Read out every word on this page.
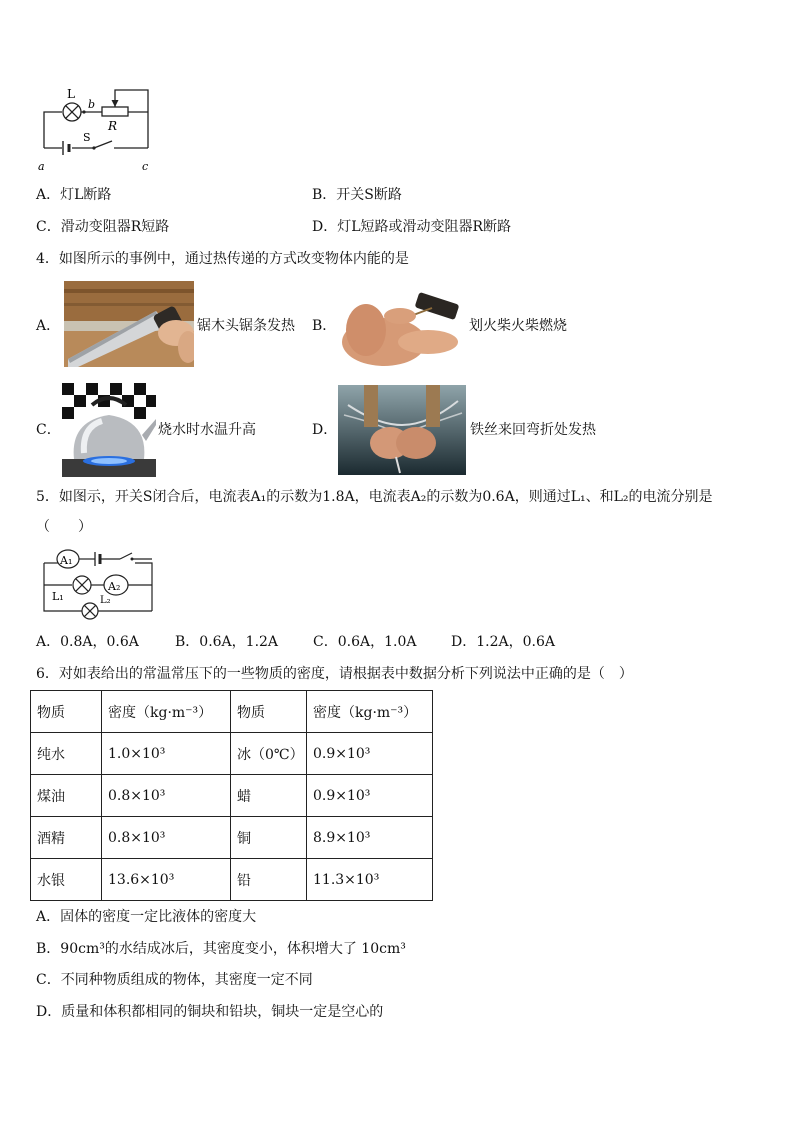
L
b
R
S
a	c
A．灯L断路	B．开关S断路
C．滑动变阻器R短路	D．灯L短路或滑动变阻器R断路
4．如图所示的事例中，通过热传递的方式改变物体内能的是
A．	锯木头锯条发热 B．	划火柴火柴燃烧
C．	烧水时水温升高	D．	铁丝来回弯折处发热
5．如图示，开关S闭合后，电流表A₁的示数为1.8A，电流表A₂的示数为0.6A，则通过L₁、和L₂的电流分别是
（　　）
A₁
A₂
L₁	L₂
A．0.8A，0.6A	B．0.6A，1.2A C．0.6A，1.0A D．1.2A，0.6A
6．对如表给出的常温常压下的一些物质的密度，请根据表中数据分析下列说法中正确的是（　）
物质	密度（kg·m⁻³）	物质	密度（kg·m⁻³）
纯水	1.0×10³	冰（0℃）	0.9×10³
煤油	0.8×10³	蜡	0.9×10³
酒精	0.8×10³	铜	8.9×10³
水银	13.6×10³	铅	11.3×10³
A．固体的密度一定比液体的密度大
B．90cm³的水结成冰后，其密度变小，体积增大了 10cm³
C．不同种物质组成的物体，其密度一定不同
D．质量和体积都相同的铜块和铅块，铜块一定是空心的
